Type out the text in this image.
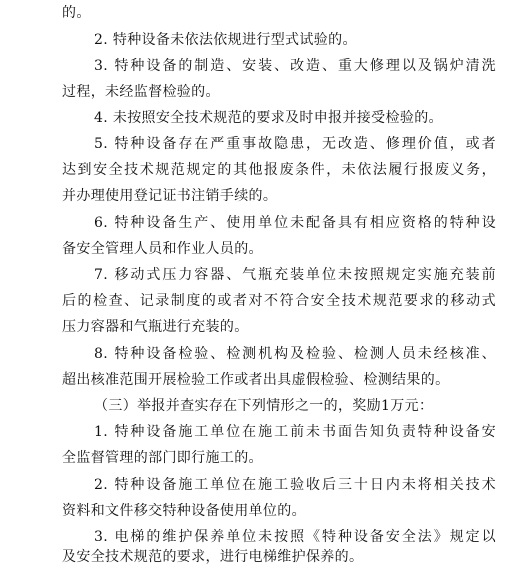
的。
2. 特种设备未依法依规进行型式试验的。
3. 特种设备的制造、安装、改造、重大修理以及锅炉清洗
过程，未经监督检验的。
4. 未按照安全技术规范的要求及时申报并接受检验的。
5. 特种设备存在严重事故隐患，无改造、修理价值，或者
达到安全技术规范规定的其他报废条件，未依法履行报废义务，
并办理使用登记证书注销手续的。
6. 特种设备生产、使用单位未配备具有相应资格的特种设
备安全管理人员和作业人员的。
7. 移动式压力容器、气瓶充装单位未按照规定实施充装前
后的检查、记录制度的或者对不符合安全技术规范要求的移动式
压力容器和气瓶进行充装的。
8. 特种设备检验、检测机构及检验、检测人员未经核准、
超出核准范围开展检验工作或者出具虚假检验、检测结果的。
（三）举报并查实存在下列情形之一的，奖励1万元：
1. 特种设备施工单位在施工前未书面告知负责特种设备安
全监督管理的部门即行施工的。
2. 特种设备施工单位在施工验收后三十日内未将相关技术
资料和文件移交特种设备使用单位的。
3. 电梯的维护保养单位未按照《特种设备安全法》规定以
及安全技术规范的要求，进行电梯维护保养的。
